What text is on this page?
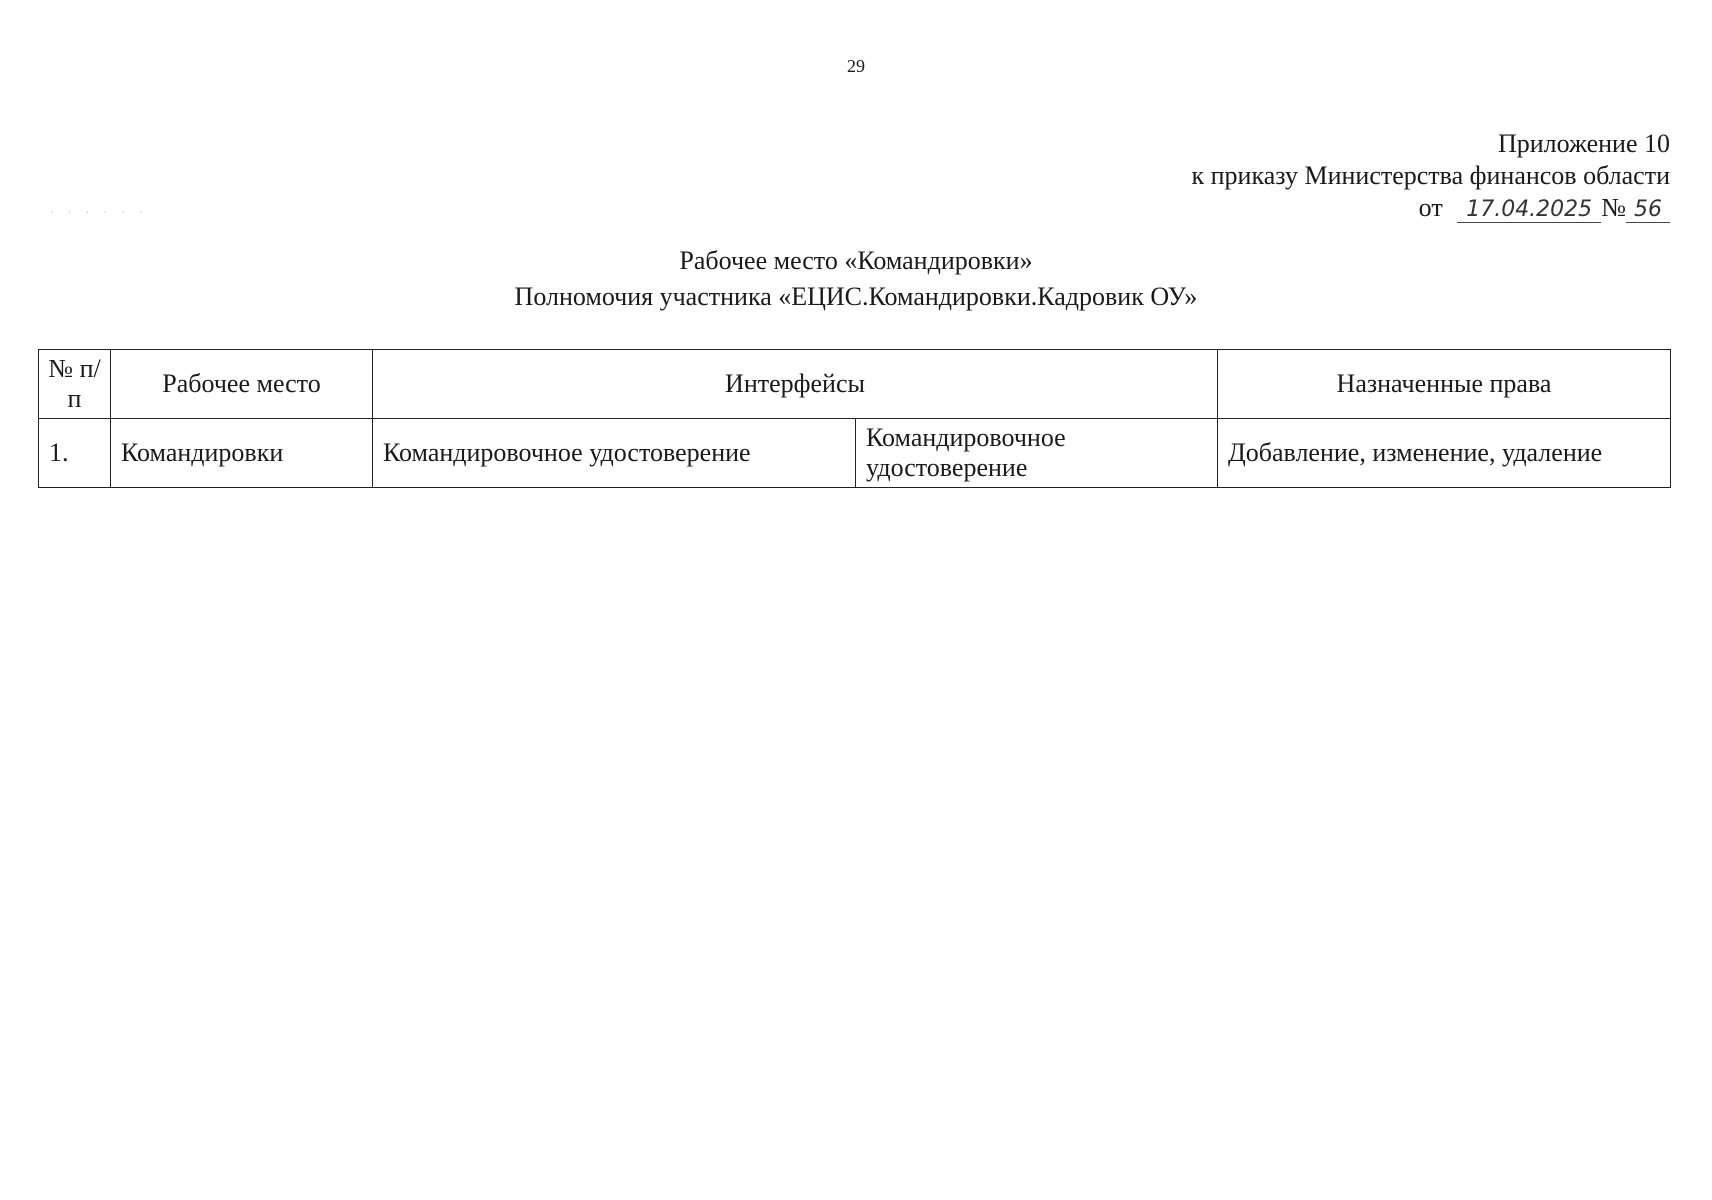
29
· · · · · ·
Приложение 10
к приказу Министерства финансов области
от 17.04.2025 № 56
Рабочее место «Командировки»
Полномочия участника «ЕЦИС.Командировки.Кадровик ОУ»
№ п/п	Рабочее место	Интерфейсы		Назначенные права
1.	Командировки	Командировочное удостоверение	Командировочное удостоверение	Добавление, изменение, удаление
